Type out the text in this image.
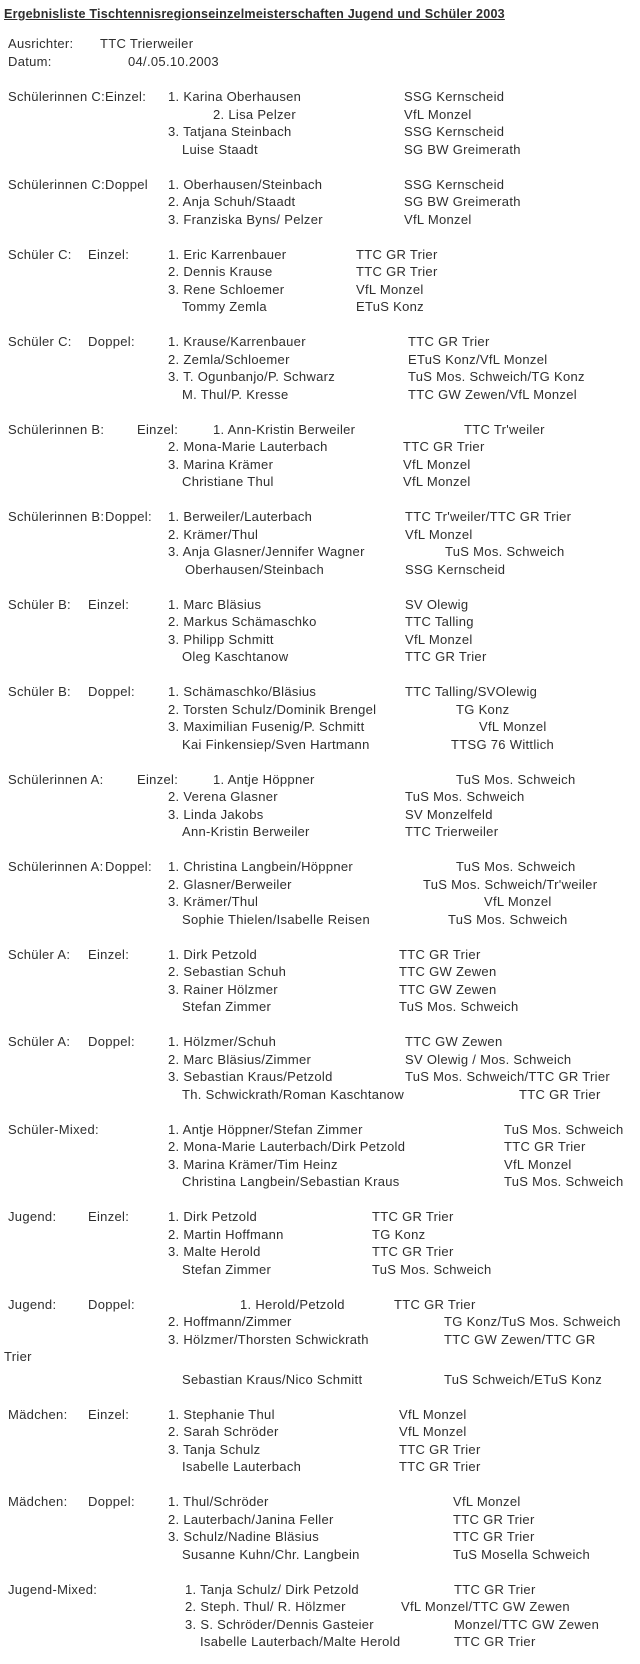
Ergebnisliste Tischtennisregionseinzelmeisterschaften Jugend und Schüler 2003
Ausrichter: TTC Trierweiler
Datum:	04/.05.10.2003
Schülerinnen C: Einzel: 1. Karina Oberhausen	SSG Kernscheid
2. Lisa Pelzer	VfL Monzel
3. Tatjana Steinbach	SSG Kernscheid
Luise Staadt	SG BW Greimerath
Schülerinnen C: Doppel 1. Oberhausen/Steinbach	SSG Kernscheid
2. Anja Schuh/Staadt	SG BW Greimerath
3. Franziska Byns/ Pelzer	VfL Monzel
Schüler C: Einzel:	1. Eric Karrenbauer	TTC GR Trier
2. Dennis Krause	TTC GR Trier
3. Rene Schloemer	VfL Monzel
Tommy Zemla	ETuS Konz
Schüler C: Doppel:	1. Krause/Karrenbauer	TTC GR Trier
2. Zemla/Schloemer	ETuS Konz/VfL Monzel
3. T. Ogunbanjo/P. Schwarz	TuS Mos. Schweich/TG Konz
M. Thul/P. Kresse	TTC GW Zewen/VfL Monzel
Schülerinnen B:	Einzel:	1. Ann-Kristin Berweiler	TTC Tr'weiler
2. Mona-Marie Lauterbach	TTC GR Trier
3. Marina Krämer	VfL Monzel
Christiane Thul	VfL Monzel
Schülerinnen B: Doppel: 1. Berweiler/Lauterbach	TTC Tr'weiler/TTC GR Trier
2. Krämer/Thul	VfL Monzel
3. Anja Glasner/Jennifer Wagner	TuS Mos. Schweich
Oberhausen/Steinbach	SSG Kernscheid
Schüler B: Einzel:	1. Marc Bläsius	SV Olewig
2. Markus Schämaschko	TTC Talling
3. Philipp Schmitt	VfL Monzel
Oleg Kaschtanow	TTC GR Trier
Schüler B: Doppel:	1. Schämaschko/Bläsius	TTC Talling/SVOlewig
2. Torsten Schulz/Dominik Brengel	TG Konz
3. Maximilian Fusenig/P. Schmitt	VfL Monzel
Kai Finkensiep/Sven Hartmann	TTSG 76 Wittlich
Schülerinnen A:	Einzel:	1. Antje Höppner	TuS Mos. Schweich
2. Verena Glasner	TuS Mos. Schweich
3. Linda Jakobs	SV Monzelfeld
Ann-Kristin Berweiler	TTC Trierweiler
Schülerinnen A: Doppel: 1. Christina Langbein/Höppner	TuS Mos. Schweich
2. Glasner/Berweiler	TuS Mos. Schweich/Tr'weiler
3. Krämer/Thul	VfL Monzel
Sophie Thielen/Isabelle Reisen	TuS Mos. Schweich
Schüler A: Einzel:	1. Dirk Petzold	TTC GR Trier
2. Sebastian Schuh	TTC GW Zewen
3. Rainer Hölzmer	TTC GW Zewen
Stefan Zimmer	TuS Mos. Schweich
Schüler A: Doppel:	1. Hölzmer/Schuh	TTC GW Zewen
2. Marc Bläsius/Zimmer	SV Olewig / Mos. Schweich
3. Sebastian Kraus/Petzold	TuS Mos. Schweich/TTC GR Trier
Th. Schwickrath/Roman Kaschtanow	TTC GR Trier
Schüler-Mixed:	1. Antje Höppner/Stefan Zimmer	TuS Mos. Schweich
2. Mona-Marie Lauterbach/Dirk Petzold	TTC GR Trier
3. Marina Krämer/Tim Heinz	VfL Monzel
Christina Langbein/Sebastian Kraus	TuS Mos. Schweich
Jugend: Einzel:	1. Dirk Petzold	TTC GR Trier
2. Martin Hoffmann	TG Konz
3. Malte Herold	TTC GR Trier
Stefan Zimmer	TuS Mos. Schweich
Jugend: Doppel:	1. Herold/Petzold	TTC GR Trier
2. Hoffmann/Zimmer	TG Konz/TuS Mos. Schweich
3. Hölzmer/Thorsten Schwickrath	TTC GW Zewen/TTC GR
Trier
Sebastian Kraus/Nico Schmitt	TuS Schweich/ETuS Konz
Mädchen: Einzel:	1. Stephanie Thul	VfL Monzel
2. Sarah Schröder	VfL Monzel
3. Tanja Schulz	TTC GR Trier
Isabelle Lauterbach	TTC GR Trier
Mädchen: Doppel:	1. Thul/Schröder	VfL Monzel
2. Lauterbach/Janina Feller	TTC GR Trier
3. Schulz/Nadine Bläsius	TTC GR Trier
Susanne Kuhn/Chr. Langbein	TuS Mosella Schweich
Jugend-Mixed:	1. Tanja Schulz/ Dirk Petzold	TTC GR Trier
2. Steph. Thul/ R. Hölzmer	VfL Monzel/TTC GW Zewen
3. S. Schröder/Dennis Gasteier	Monzel/TTC GW Zewen
Isabelle Lauterbach/Malte Herold	TTC GR Trier
